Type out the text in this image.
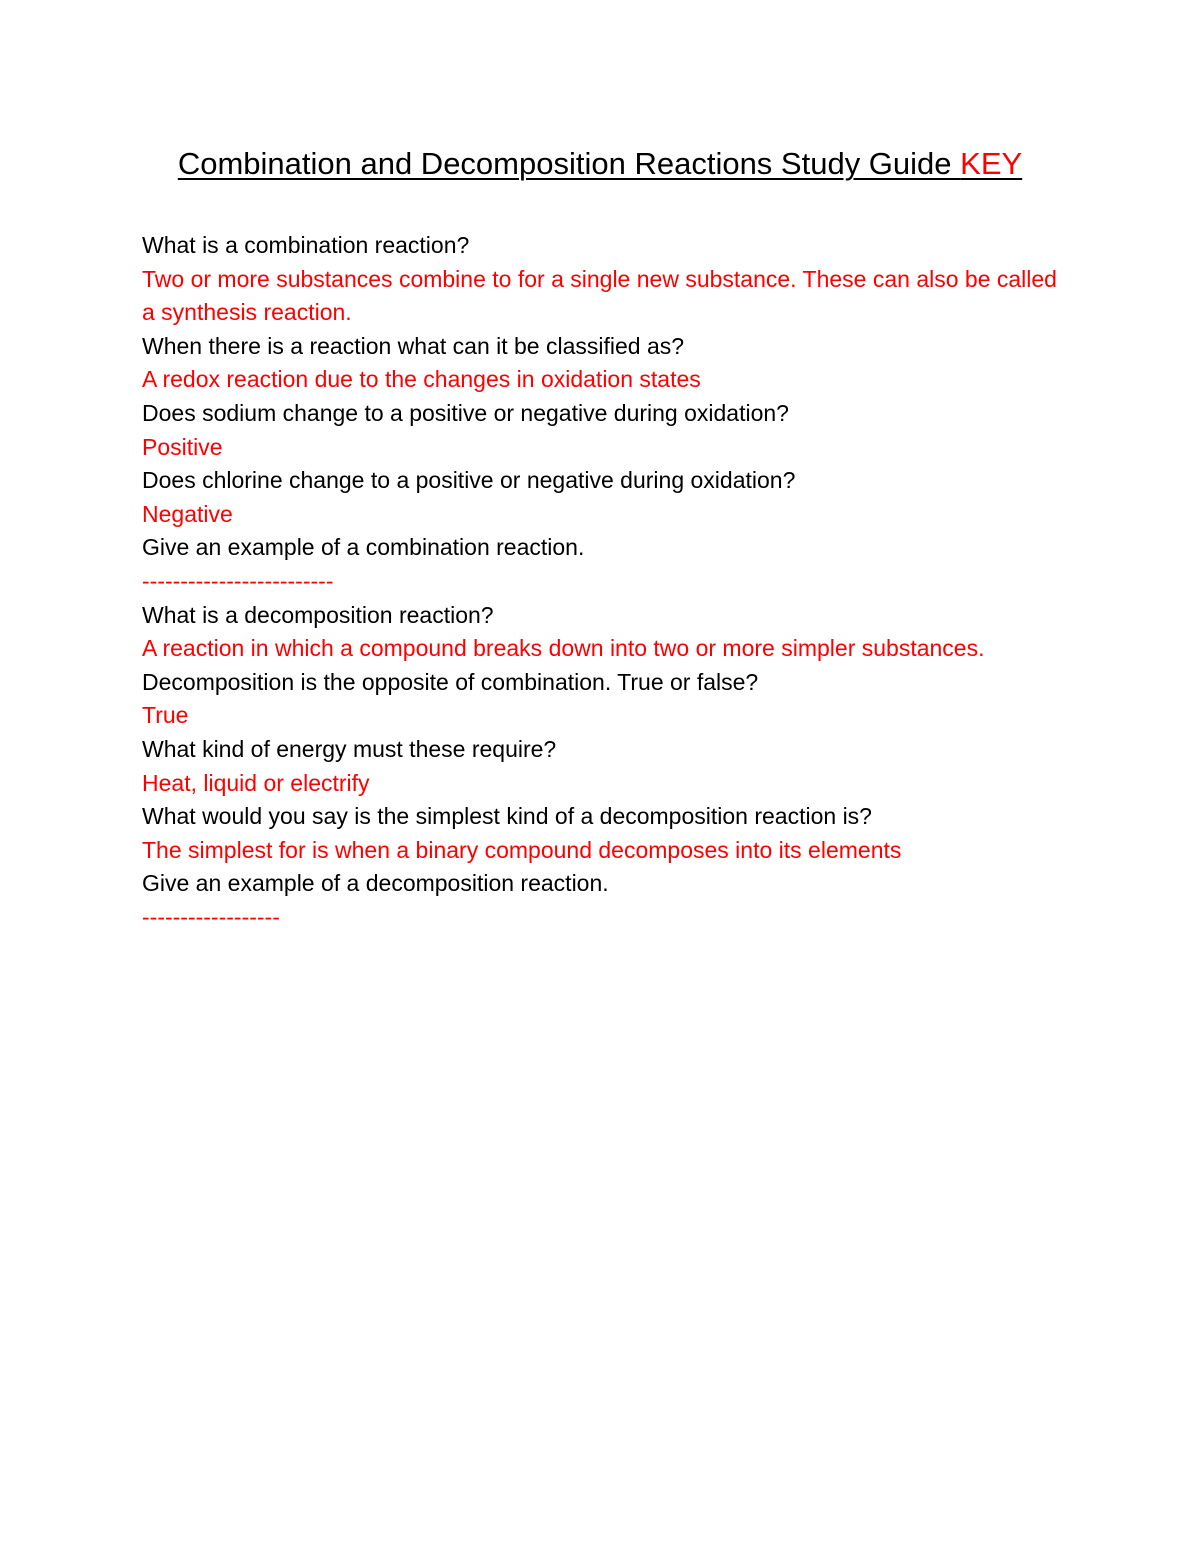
Combination and Decomposition Reactions Study Guide KEY

What is a combination reaction?

Two or more substances combine to for a single new substance. These can also be called a synthesis reaction.

When there is a reaction what can it be classified as?

A redox reaction due to the changes in oxidation states

Does sodium change to a positive or negative during oxidation?

Positive

Does chlorine change to a positive or negative during oxidation?

Negative

Give an example of a combination reaction.

-------------------------

What is a decomposition reaction?

A reaction in which a compound breaks down into two or more simpler substances.

Decomposition is the opposite of combination. True or false?

True

What kind of energy must these require?

Heat, liquid or electrify

What would you say is the simplest kind of a decomposition reaction is?

The simplest for is when a binary compound decomposes into its elements

Give an example of a decomposition reaction.

------------------
